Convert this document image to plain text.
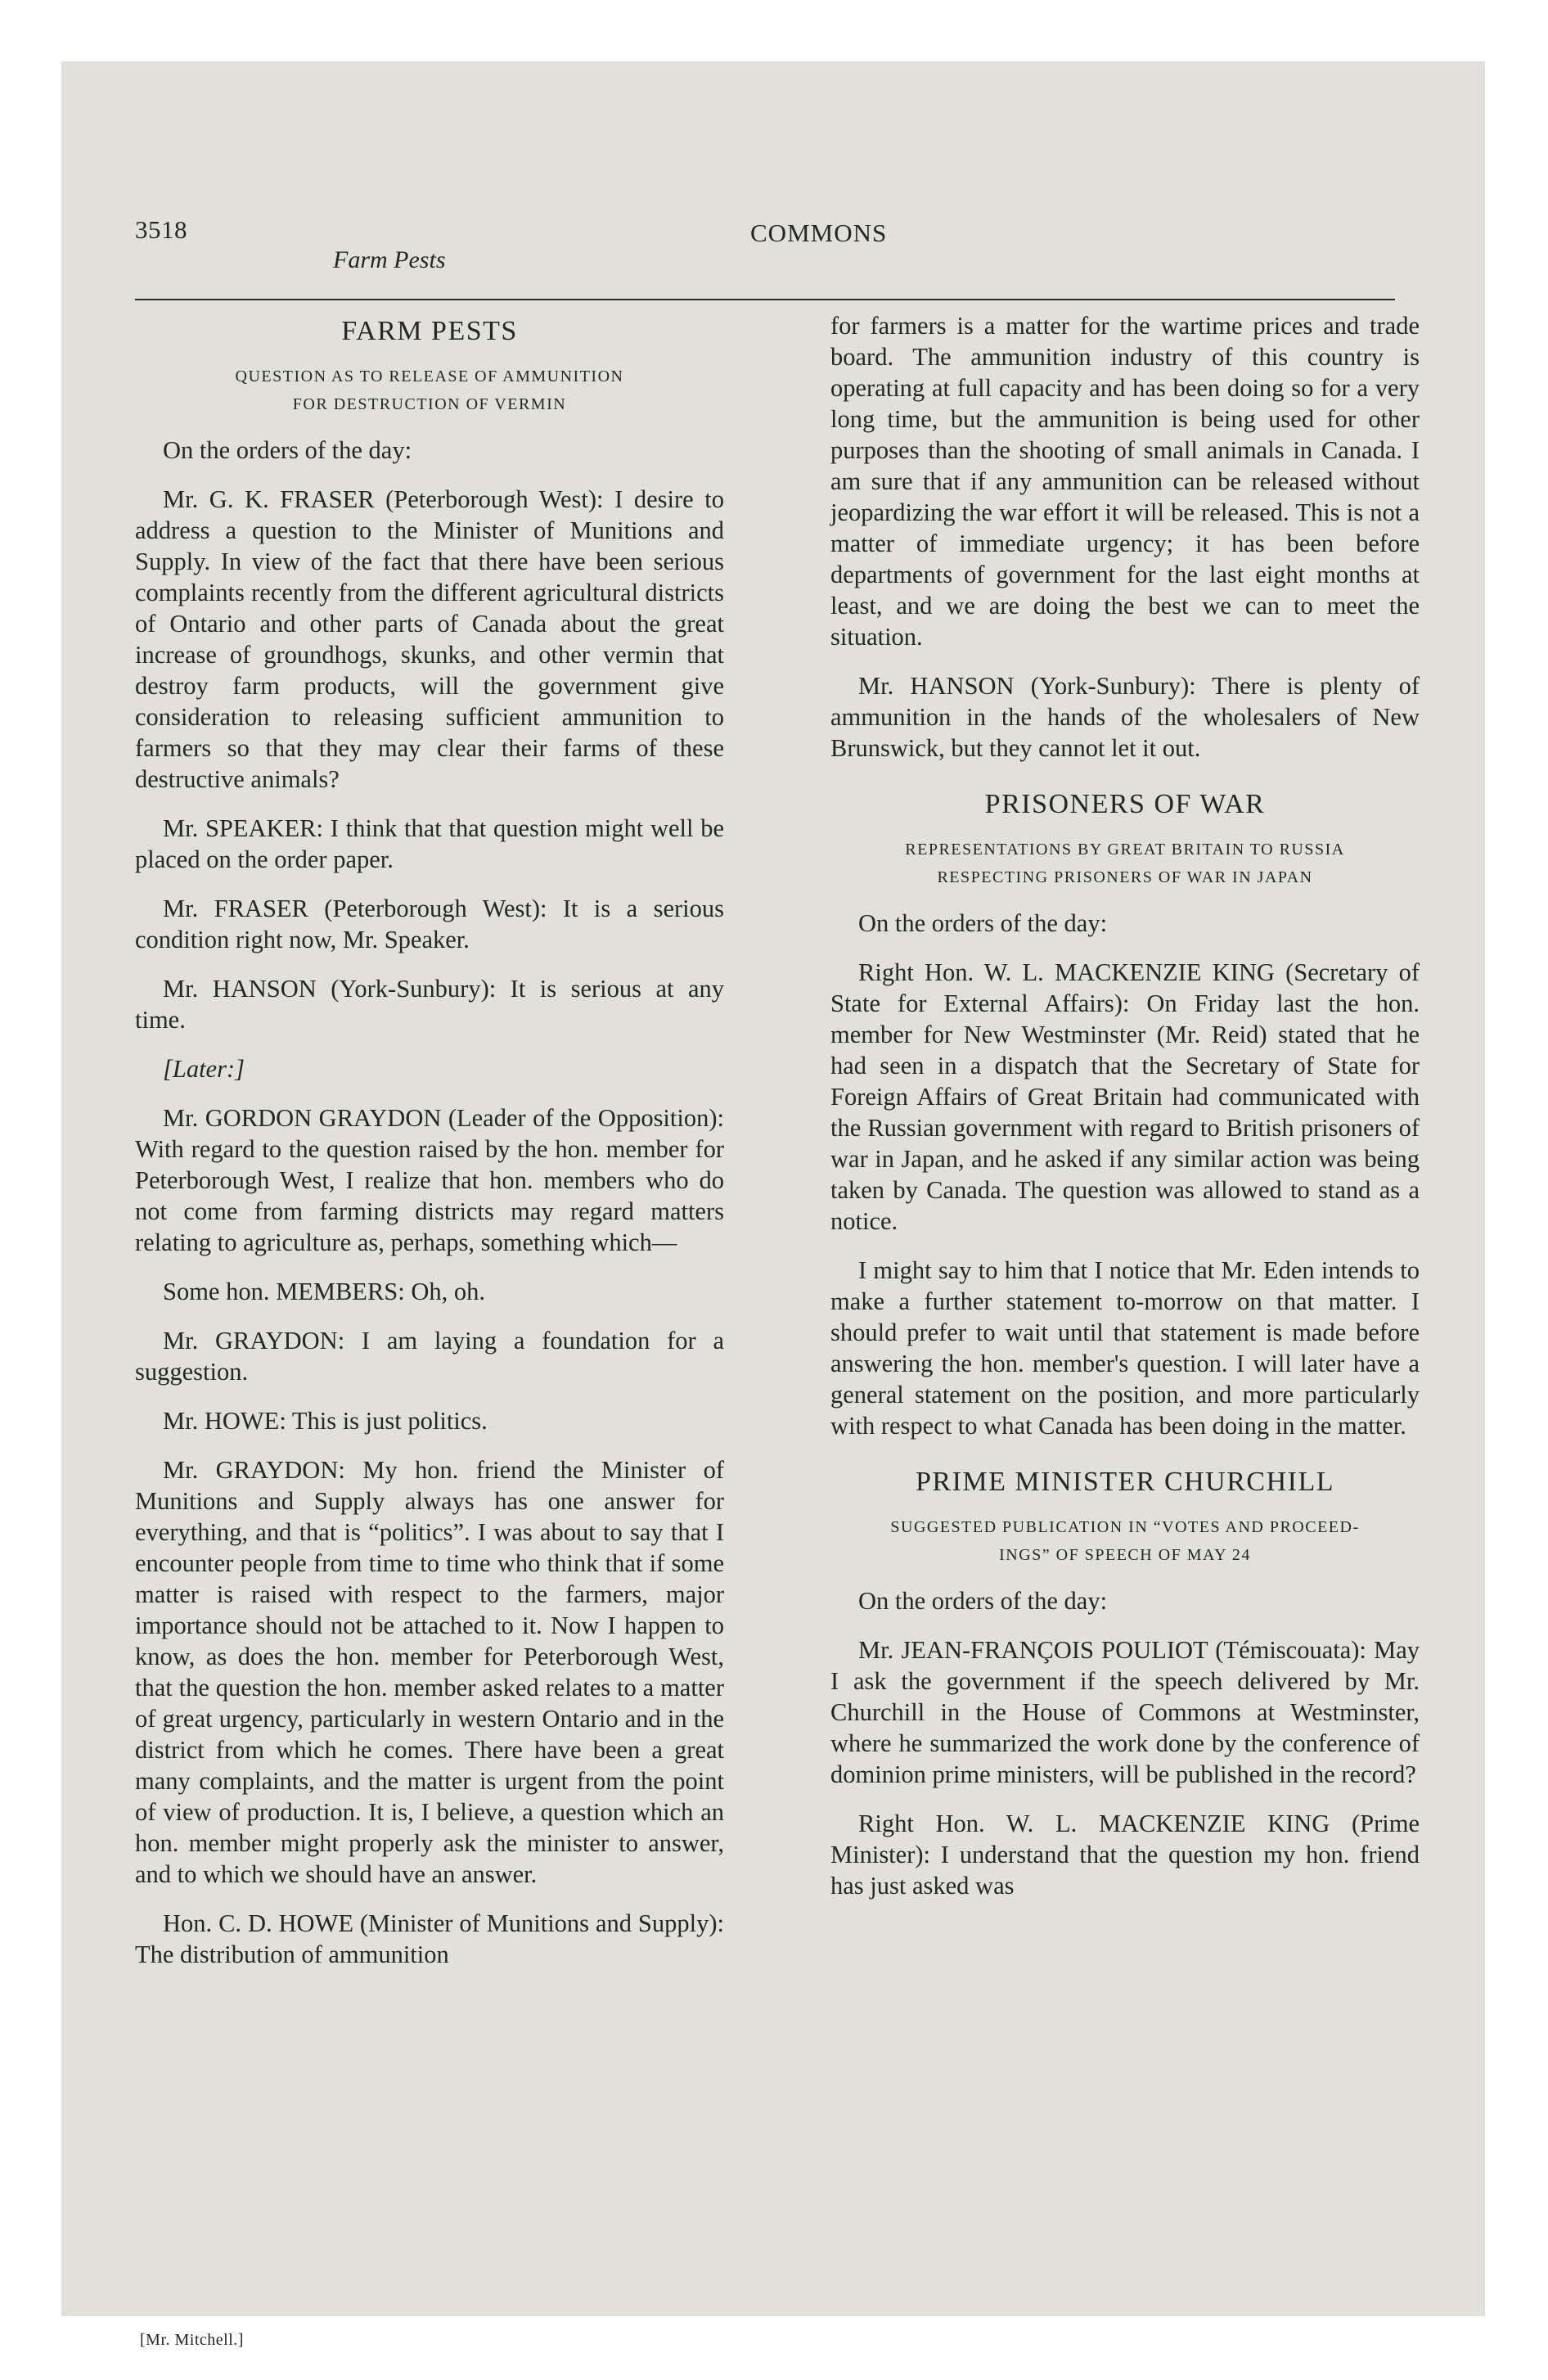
3518
Farm Pests
COMMONS
FARM PESTS
QUESTION AS TO RELEASE OF AMMUNITION
FOR DESTRUCTION OF VERMIN

On the orders of the day:

Mr. G. K. FRASER (Peterborough West): I desire to address a question to the Minister of Munitions and Supply. In view of the fact that there have been serious complaints recently from the different agricultural districts of Ontario and other parts of Canada about the great increase of groundhogs, skunks, and other vermin that destroy farm products, will the government give consideration to releasing sufficient ammunition to farmers so that they may clear their farms of these destructive animals?

Mr. SPEAKER: I think that that question might well be placed on the order paper.

Mr. FRASER (Peterborough West): It is a serious condition right now, Mr. Speaker.

Mr. HANSON (York-Sunbury): It is serious at any time.

[Later:]

Mr. GORDON GRAYDON (Leader of the Opposition): With regard to the question raised by the hon. member for Peterborough West, I realize that hon. members who do not come from farming districts may regard matters relating to agriculture as, perhaps, something which—

Some hon. MEMBERS: Oh, oh.

Mr. GRAYDON: I am laying a foundation for a suggestion.

Mr. HOWE: This is just politics.

Mr. GRAYDON: My hon. friend the Minister of Munitions and Supply always has one answer for everything, and that is “politics”. I was about to say that I encounter people from time to time who think that if some matter is raised with respect to the farmers, major importance should not be attached to it. Now I happen to know, as does the hon. member for Peterborough West, that the question the hon. member asked relates to a matter of great urgency, particularly in western Ontario and in the district from which he comes. There have been a great many complaints, and the matter is urgent from the point of view of production. It is, I believe, a question which an hon. member might properly ask the minister to answer, and to which we should have an answer.

Hon. C. D. HOWE (Minister of Munitions and Supply): The distribution of ammunition

for farmers is a matter for the wartime prices and trade board. The ammunition industry of this country is operating at full capacity and has been doing so for a very long time, but the ammunition is being used for other purposes than the shooting of small animals in Canada. I am sure that if any ammunition can be released without jeopardizing the war effort it will be released. This is not a matter of immediate urgency; it has been before departments of government for the last eight months at least, and we are doing the best we can to meet the situation.

Mr. HANSON (York-Sunbury): There is plenty of ammunition in the hands of the wholesalers of New Brunswick, but they cannot let it out.

PRISONERS OF WAR
REPRESENTATIONS BY GREAT BRITAIN TO RUSSIA
RESPECTING PRISONERS OF WAR IN JAPAN

On the orders of the day:

Right Hon. W. L. MACKENZIE KING (Secretary of State for External Affairs): On Friday last the hon. member for New Westminster (Mr. Reid) stated that he had seen in a dispatch that the Secretary of State for Foreign Affairs of Great Britain had communicated with the Russian government with regard to British prisoners of war in Japan, and he asked if any similar action was being taken by Canada. The question was allowed to stand as a notice.

I might say to him that I notice that Mr. Eden intends to make a further statement to-morrow on that matter. I should prefer to wait until that statement is made before answering the hon. member's question. I will later have a general statement on the position, and more particularly with respect to what Canada has been doing in the matter.

PRIME MINISTER CHURCHILL
SUGGESTED PUBLICATION IN “VOTES AND PROCEED-
INGS” OF SPEECH OF MAY 24

On the orders of the day:

Mr. JEAN-FRANÇOIS POULIOT (Témiscouata): May I ask the government if the speech delivered by Mr. Churchill in the House of Commons at Westminster, where he summarized the work done by the conference of dominion prime ministers, will be published in the record?

Right Hon. W. L. MACKENZIE KING (Prime Minister): I understand that the question my hon. friend has just asked was

[Mr. Mitchell.]
